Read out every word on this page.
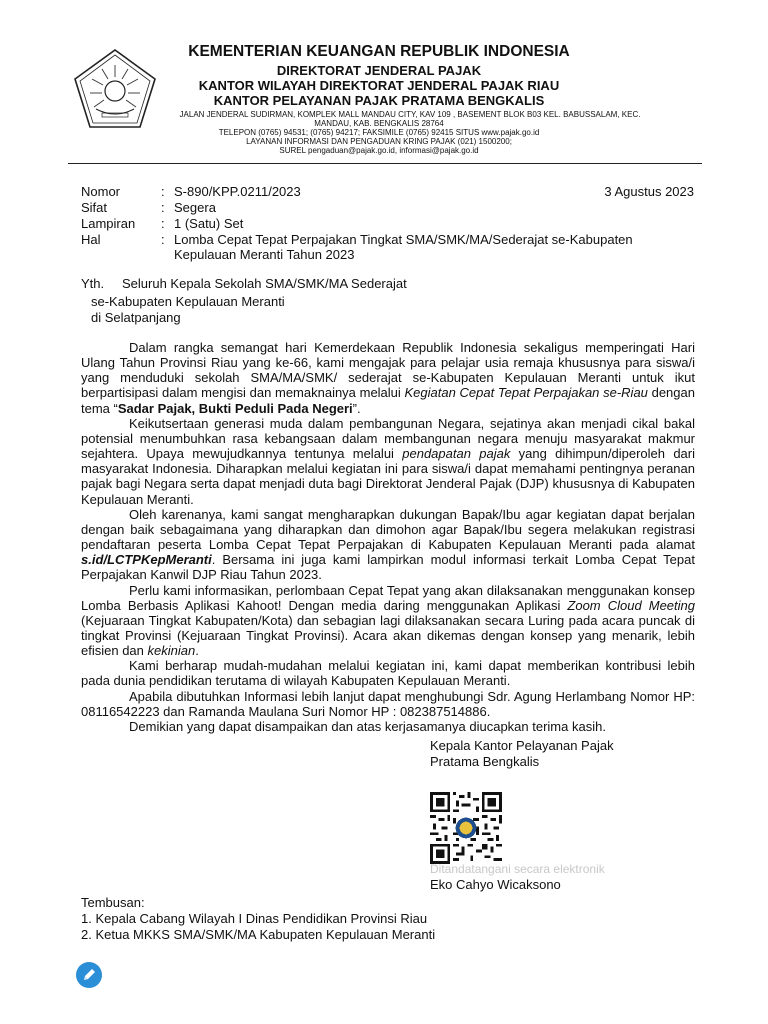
KEMENTERIAN KEUANGAN REPUBLIK INDONESIA
DIREKTORAT JENDERAL PAJAK
KANTOR WILAYAH DIREKTORAT JENDERAL PAJAK RIAU
KANTOR PELAYANAN PAJAK PRATAMA BENGKALIS
JALAN JENDERAL SUDIRMAN, KOMPLEK MALL MANDAU CITY, KAV 109 , BASEMENT BLOK B03 KEL. BABUSSALAM, KEC.
MANDAU, KAB. BENGKALIS 28764
TELEPON (0765) 94531; (0765) 94217; FAKSIMILE (0765) 92415 SITUS www.pajak.go.id
LAYANAN INFORMASI DAN PENGADUAN KRING PAJAK (021) 1500200;
SUREL pengaduan@pajak.go.id, informasi@pajak.go.id
Nomor	: S-890/KPP.0211/2023
Sifat	: Segera
Lampiran : 1 (Satu) Set
Hal	: Lomba Cepat Tepat Perpajakan Tingkat SMA/SMK/MA/Sederajat se-Kabupaten
Kepulauan Meranti Tahun 2023
3 Agustus 2023
Yth. Seluruh Kepala Sekolah SMA/SMK/MA Sederajat
se-Kabupaten Kepulauan Meranti
di Selatpanjang

Dalam rangka semangat hari Kemerdekaan Republik Indonesia sekaligus memperingati Hari Ulang Tahun Provinsi Riau yang ke-66, kami mengajak para pelajar usia remaja khususnya para siswa/i yang menduduki sekolah SMA/MA/SMK/ sederajat se-Kabupaten Kepulauan Meranti untuk ikut berpartisipasi dalam mengisi dan memaknainya melalui Kegiatan Cepat Tepat Perpajakan se-Riau dengan tema “Sadar Pajak, Bukti Peduli Pada Negeri”.

Keikutsertaan generasi muda dalam pembangunan Negara, sejatinya akan menjadi cikal bakal potensial menumbuhkan rasa kebangsaan dalam membangunan negara menuju masyarakat makmur sejahtera. Upaya mewujudkannya tentunya melalui pendapatan pajak yang dihimpun/diperoleh dari masyarakat Indonesia. Diharapkan melalui kegiatan ini para siswa/i dapat memahami pentingnya peranan pajak bagi Negara serta dapat menjadi duta bagi Direktorat Jenderal Pajak (DJP) khususnya di Kabupaten Kepulauan Meranti.

Oleh karenanya, kami sangat mengharapkan dukungan Bapak/Ibu agar kegiatan dapat berjalan dengan baik sebagaimana yang diharapkan dan dimohon agar Bapak/Ibu segera melakukan registrasi pendaftaran peserta Lomba Cepat Tepat Perpajakan di Kabupaten Kepulauan Meranti pada alamat s.id/LCTPKepMeranti. Bersama ini juga kami lampirkan modul informasi terkait Lomba Cepat Tepat Perpajakan Kanwil DJP Riau Tahun 2023.

Perlu kami informasikan, perlombaan Cepat Tepat yang akan dilaksanakan menggunakan konsep Lomba Berbasis Aplikasi Kahoot! Dengan media daring menggunakan Aplikasi Zoom Cloud Meeting (Kejuaraan Tingkat Kabupaten/Kota) dan sebagian lagi dilaksanakan secara Luring pada acara puncak di tingkat Provinsi (Kejuaraan Tingkat Provinsi). Acara akan dikemas dengan konsep yang menarik, lebih efisien dan kekinian.

Kami berharap mudah-mudahan melalui kegiatan ini, kami dapat memberikan kontribusi lebih pada dunia pendidikan terutama di wilayah Kabupaten Kepulauan Meranti.

Apabila dibutuhkan Informasi lebih lanjut dapat menghubungi Sdr. Agung Herlambang Nomor HP: 08116542223 dan Ramanda Maulana Suri Nomor HP : 082387514886.

Demikian yang dapat disampaikan dan atas kerjasamanya diucapkan terima kasih.

Kepala Kantor Pelayanan Pajak
Pratama Bengkalis
Ditandatangani secara elektronik
Eko Cahyo Wicaksono
Tembusan:
1. Kepala Cabang Wilayah I Dinas Pendidikan Provinsi Riau
2. Ketua MKKS SMA/SMK/MA Kabupaten Kepulauan Meranti
